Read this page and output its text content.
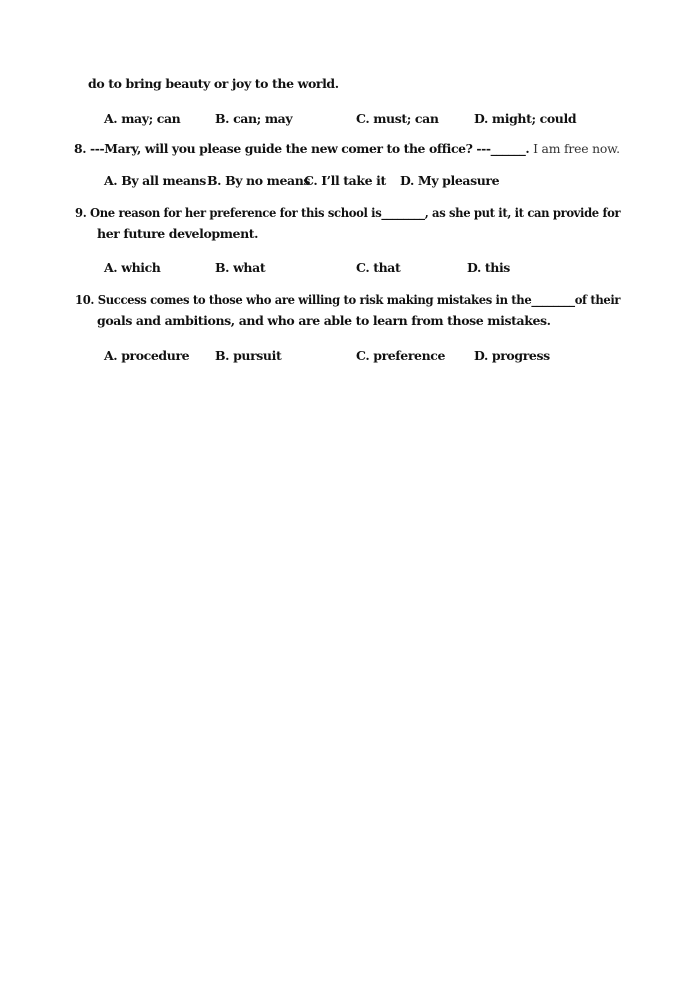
do to bring beauty or joy to the world.
A. may; can	B. can; may	C. must; can	D. might; could
8. ---Mary, will you please guide the new comer to the office? ---______. I am free now.
A. By all means B. By no means
C. I’ll take it D. My pleasure
9. One reason for her preference for this school is________, as she put it, it can provide for
her future development.
A. which	B. what	C. that	D. this
10. Success comes to those who are willing to risk making mistakes in the________of their
goals and ambitions, and who are able to learn from those mistakes.
A. procedure B. pursuit	C. preference D. progress
